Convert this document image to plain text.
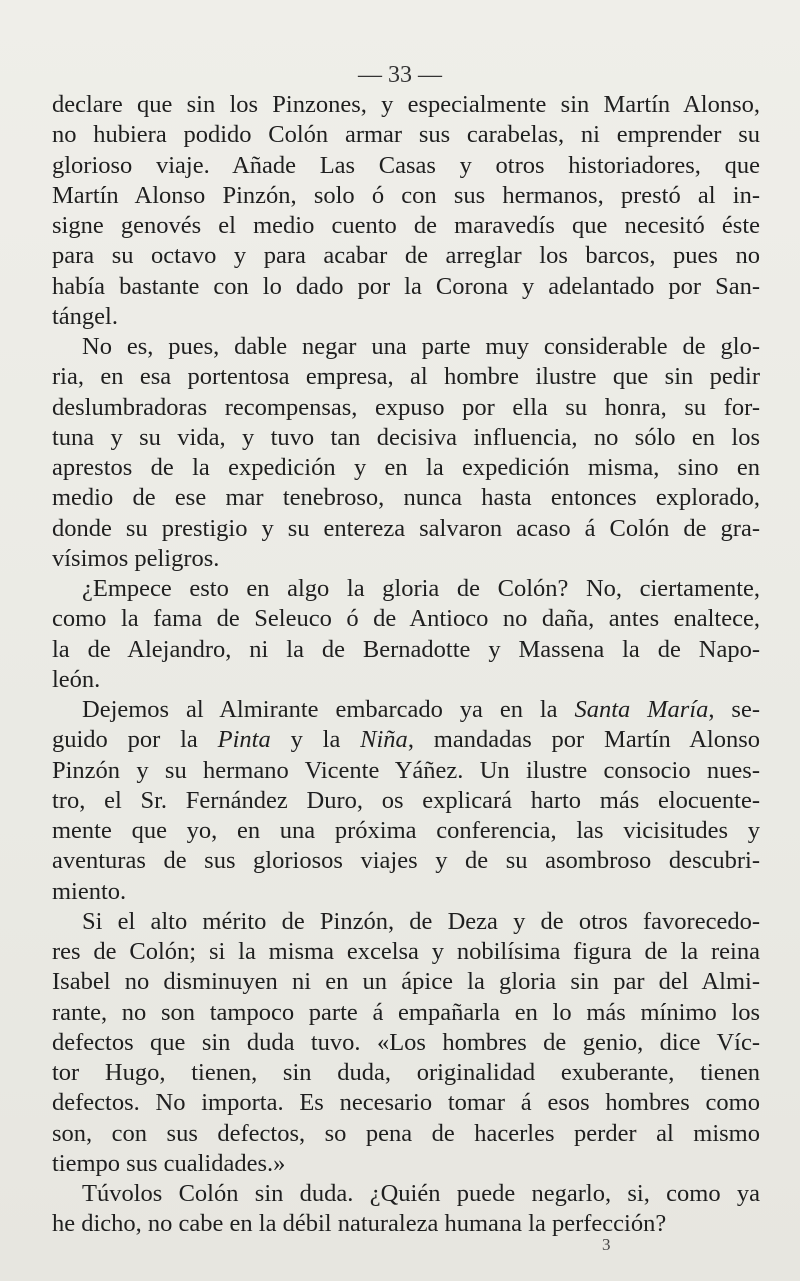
— 33 —
declare que sin los Pinzones, y especialmente sin Martín Alonso,
no hubiera podido Colón armar sus carabelas, ni emprender su
glorioso viaje. Añade Las Casas y otros historiadores, que
Martín Alonso Pinzón, solo ó con sus hermanos, prestó al in-
signe genovés el medio cuento de maravedís que necesitó éste
para su octavo y para acabar de arreglar los barcos, pues no
había bastante con lo dado por la Corona y adelantado por San-
tángel.
No es, pues, dable negar una parte muy considerable de glo-
ria, en esa portentosa empresa, al hombre ilustre que sin pedir
deslumbradoras recompensas, expuso por ella su honra, su for-
tuna y su vida, y tuvo tan decisiva influencia, no sólo en los
aprestos de la expedición y en la expedición misma, sino en
medio de ese mar tenebroso, nunca hasta entonces explorado,
donde su prestigio y su entereza salvaron acaso á Colón de gra-
vísimos peligros.
¿Empece esto en algo la gloria de Colón? No, ciertamente,
como la fama de Seleuco ó de Antioco no daña, antes enaltece,
la de Alejandro, ni la de Bernadotte y Massena la de Napo-
león.
Dejemos al Almirante embarcado ya en la Santa María, se-
guido por la Pinta y la Niña, mandadas por Martín Alonso
Pinzón y su hermano Vicente Yáñez. Un ilustre consocio nues-
tro, el Sr. Fernández Duro, os explicará harto más elocuente-
mente que yo, en una próxima conferencia, las vicisitudes y
aventuras de sus gloriosos viajes y de su asombroso descubri-
miento.
Si el alto mérito de Pinzón, de Deza y de otros favorecedo-
res de Colón; si la misma excelsa y nobilísima figura de la reina
Isabel no disminuyen ni en un ápice la gloria sin par del Almi-
rante, no son tampoco parte á empañarla en lo más mínimo los
defectos que sin duda tuvo. «Los hombres de genio, dice Víc-
tor Hugo, tienen, sin duda, originalidad exuberante, tienen
defectos. No importa. Es necesario tomar á esos hombres como
son, con sus defectos, so pena de hacerles perder al mismo
tiempo sus cualidades.»
Túvolos Colón sin duda. ¿Quién puede negarlo, si, como ya
he dicho, no cabe en la débil naturaleza humana la perfección?
3
